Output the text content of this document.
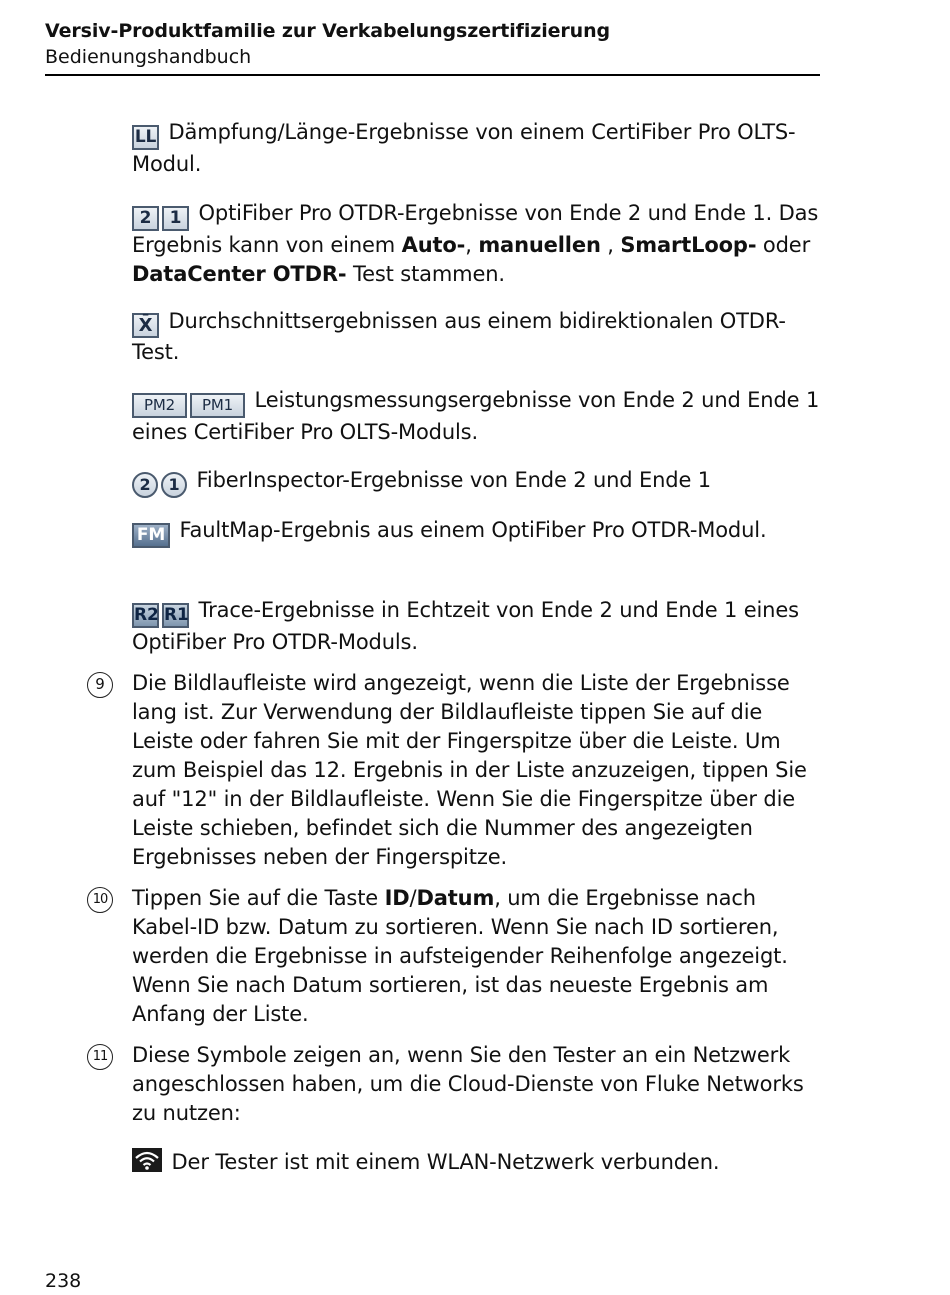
Versiv-Produktfamilie zur Verkabelungszertifizierung
Bedienungshandbuch
LL Dämpfung/Länge-Ergebnisse von einem CertiFiber Pro OLTS-Modul.
2 1 OptiFiber Pro OTDR-Ergebnisse von Ende 2 und Ende 1. Das Ergebnis kann von einem Auto-, manuellen , SmartLoop- oder DataCenter OTDR- Test stammen.
X̄ Durchschnittsergebnissen aus einem bidirektionalen OTDR-Test.
PM2 PM1 Leistungsmessungsergebnisse von Ende 2 und Ende 1 eines CertiFiber Pro OLTS-Moduls.
2 1 FiberInspector-Ergebnisse von Ende 2 und Ende 1
FM FaultMap-Ergebnis aus einem OptiFiber Pro OTDR-Modul.
R2 R1 Trace-Ergebnisse in Echtzeit von Ende 2 und Ende 1 eines OptiFiber Pro OTDR-Moduls.
9	Die Bildlaufleiste wird angezeigt, wenn die Liste der Ergebnisse lang ist. Zur Verwendung der Bildlaufleiste tippen Sie auf die Leiste oder fahren Sie mit der Fingerspitze über die Leiste. Um zum Beispiel das 12. Ergebnis in der Liste anzuzeigen, tippen Sie auf "12" in der Bildlaufleiste. Wenn Sie die Fingerspitze über die Leiste schieben, befindet sich die Nummer des angezeigten Ergebnisses neben der Fingerspitze.
10 Tippen Sie auf die Taste ID/Datum, um die Ergebnisse nach Kabel-ID bzw. Datum zu sortieren. Wenn Sie nach ID sortieren, werden die Ergebnisse in aufsteigender Reihenfolge angezeigt. Wenn Sie nach Datum sortieren, ist das neueste Ergebnis am Anfang der Liste.
11 Diese Symbole zeigen an, wenn Sie den Tester an ein Netzwerk angeschlossen haben, um die Cloud-Dienste von Fluke Networks zu nutzen:
Der Tester ist mit einem WLAN-Netzwerk verbunden.
238
